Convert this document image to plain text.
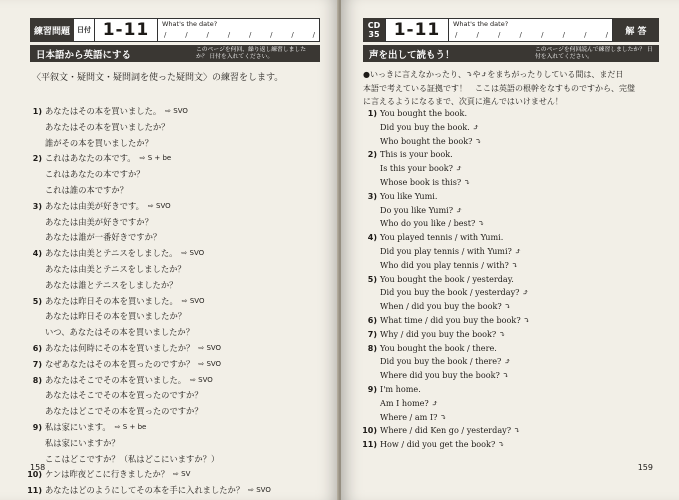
練習問題	日付 1-11	What's the date?
/	/	/	/	/	/	/	/
日本語から英語にする	このページを何回、繰り返し練習しましたか？ 日付を入れてください。
〈平叙文・疑問文・疑問詞を使った疑問文〉の練習をします。
1) あなたはその本を買いました。 ⇨ SVO
あなたはその本を買いましたか？
誰がその本を買いましたか？
2) これはあなたの本です。 ⇨ S + be
これはあなたの本ですか？
これは誰の本ですか？
3) あなたは由美が好きです。 ⇨ SVO
あなたは由美が好きですか？
あなたは誰が一番好きですか？
4) あなたは由美とテニスをしました。 ⇨ SVO
あなたは由美とテニスをしましたか？
あなたは誰とテニスをしましたか？
5) あなたは昨日その本を買いました。 ⇨ SVO
あなたは昨日その本を買いましたか？
いつ、あなたはその本を買いましたか？
6) あなたは何時にその本を買いましたか？ ⇨ SVO
7) なぜあなたはその本を買ったのですか？ ⇨ SVO
8) あなたはそこでその本を買いました。 ⇨ SVO
あなたはそこでその本を買ったのですか？
あなたはどこでその本を買ったのですか？
9) 私は家にいます。 ⇨ S + be
私は家にいますか？
ここはどこですか？（私はどこにいますか？）
10) ケンは昨夜どこに行きましたか？ ⇨ SV
11) あなたはどのようにしてその本を手に入れましたか？ ⇨ SVO
158
CD
35 1-11	What's the date?
/	/	/	/	/	/	/	/	解 答
声を出して読もう！	このページを何回読んで練習しましたか？ 日付を入れてください。
●いっきに言えなかったり、⤵や⤴をまちがったりしている間は、まだ日
本語で考えている証拠です！　ここは英語の根幹をなすものですから、完璧
に言えるようになるまで、次頁に進んではいけません！
1) You bought the book.
Did you buy the book. ⤴
Who bought the book? ⤵
2) This is your book.
Is this your book? ⤴
Whose book is this? ⤵
3) You like Yumi.
Do you like Yumi? ⤴
Who do you like / best? ⤵
4) You played tennis / with Yumi.
Did you play tennis / with Yumi? ⤴
Who did you play tennis / with? ⤵
5) You bought the book / yesterday.
Did you buy the book / yesterday? ⤴
When / did you buy the book? ⤵
6) What time / did you buy the book? ⤵
7) Why / did you buy the book? ⤵
8) You bought the book / there.
Did you buy the book / there? ⤴
Where did you buy the book? ⤵
9) I'm home.
Am I home? ⤴
Where / am I? ⤵
10) Where / did Ken go / yesterday? ⤵
11) How / did you get the book? ⤵
159
